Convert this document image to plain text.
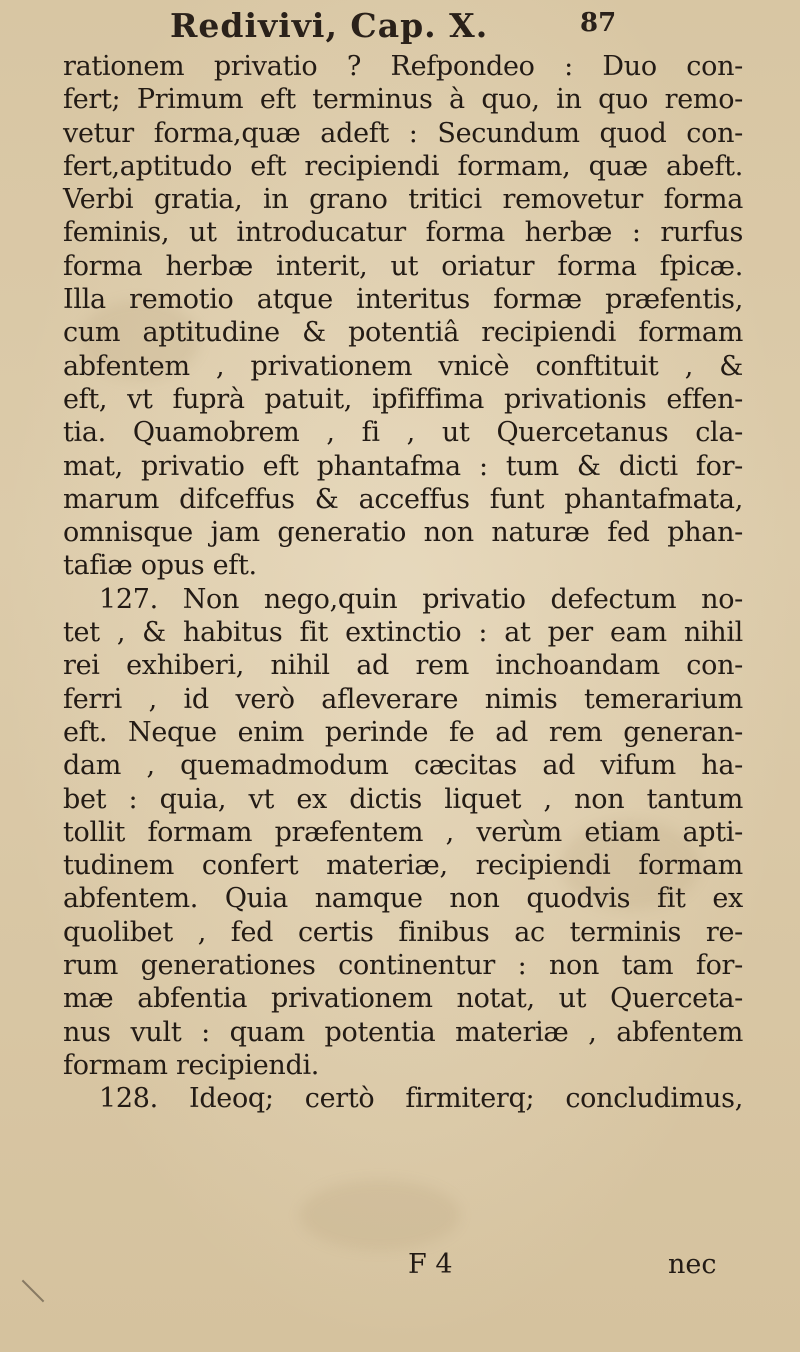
Redivivi, Cap. X.	87
rationem privatio ? Refpondeo : Duo con-
fert; Primum eft terminus à quo, in quo remo-
vetur forma,quæ adeft : Secundum quod con-
fert,aptitudo eft recipiendi formam, quæ abeft.
Verbi gratia, in grano tritici removetur forma
feminis, ut introducatur forma herbæ : rurfus
forma herbæ interit, ut oriatur forma fpicæ.
Illa remotio atque interitus formæ præfentis,
cum aptitudine & potentiâ recipiendi formam
abfentem , privationem vnicè conftituit , &
eft, vt fuprà patuit, ipfiffima privationis effen-
tia. Quamobrem , fi , ut Quercetanus cla-
mat, privatio eft phantafma : tum & dicti for-
marum difceffus & acceffus funt phantafmata,
omnisque jam generatio non naturæ fed phan-
tafiæ opus eft.
127. Non nego,quin privatio defectum no-
tet , & habitus fit extinctio : at per eam nihil
rei exhiberi, nihil ad rem inchoandam con-
ferri , id verò afleverare nimis temerarium
eft. Neque enim perinde fe ad rem generan-
dam , quemadmodum cæcitas ad vifum ha-
bet : quia, vt ex dictis liquet , non tantum
tollit formam præfentem , verùm etiam apti-
tudinem confert materiæ, recipiendi formam
abfentem. Quia namque non quodvis fit ex
quolibet , fed certis finibus ac terminis re-
rum generationes continentur : non tam for-
mæ abfentia privationem notat, ut Querceta-
nus vult : quam potentia materiæ , abfentem
formam recipiendi.
128. Ideoq; certò firmiterq; concludimus,
F 4	nec
